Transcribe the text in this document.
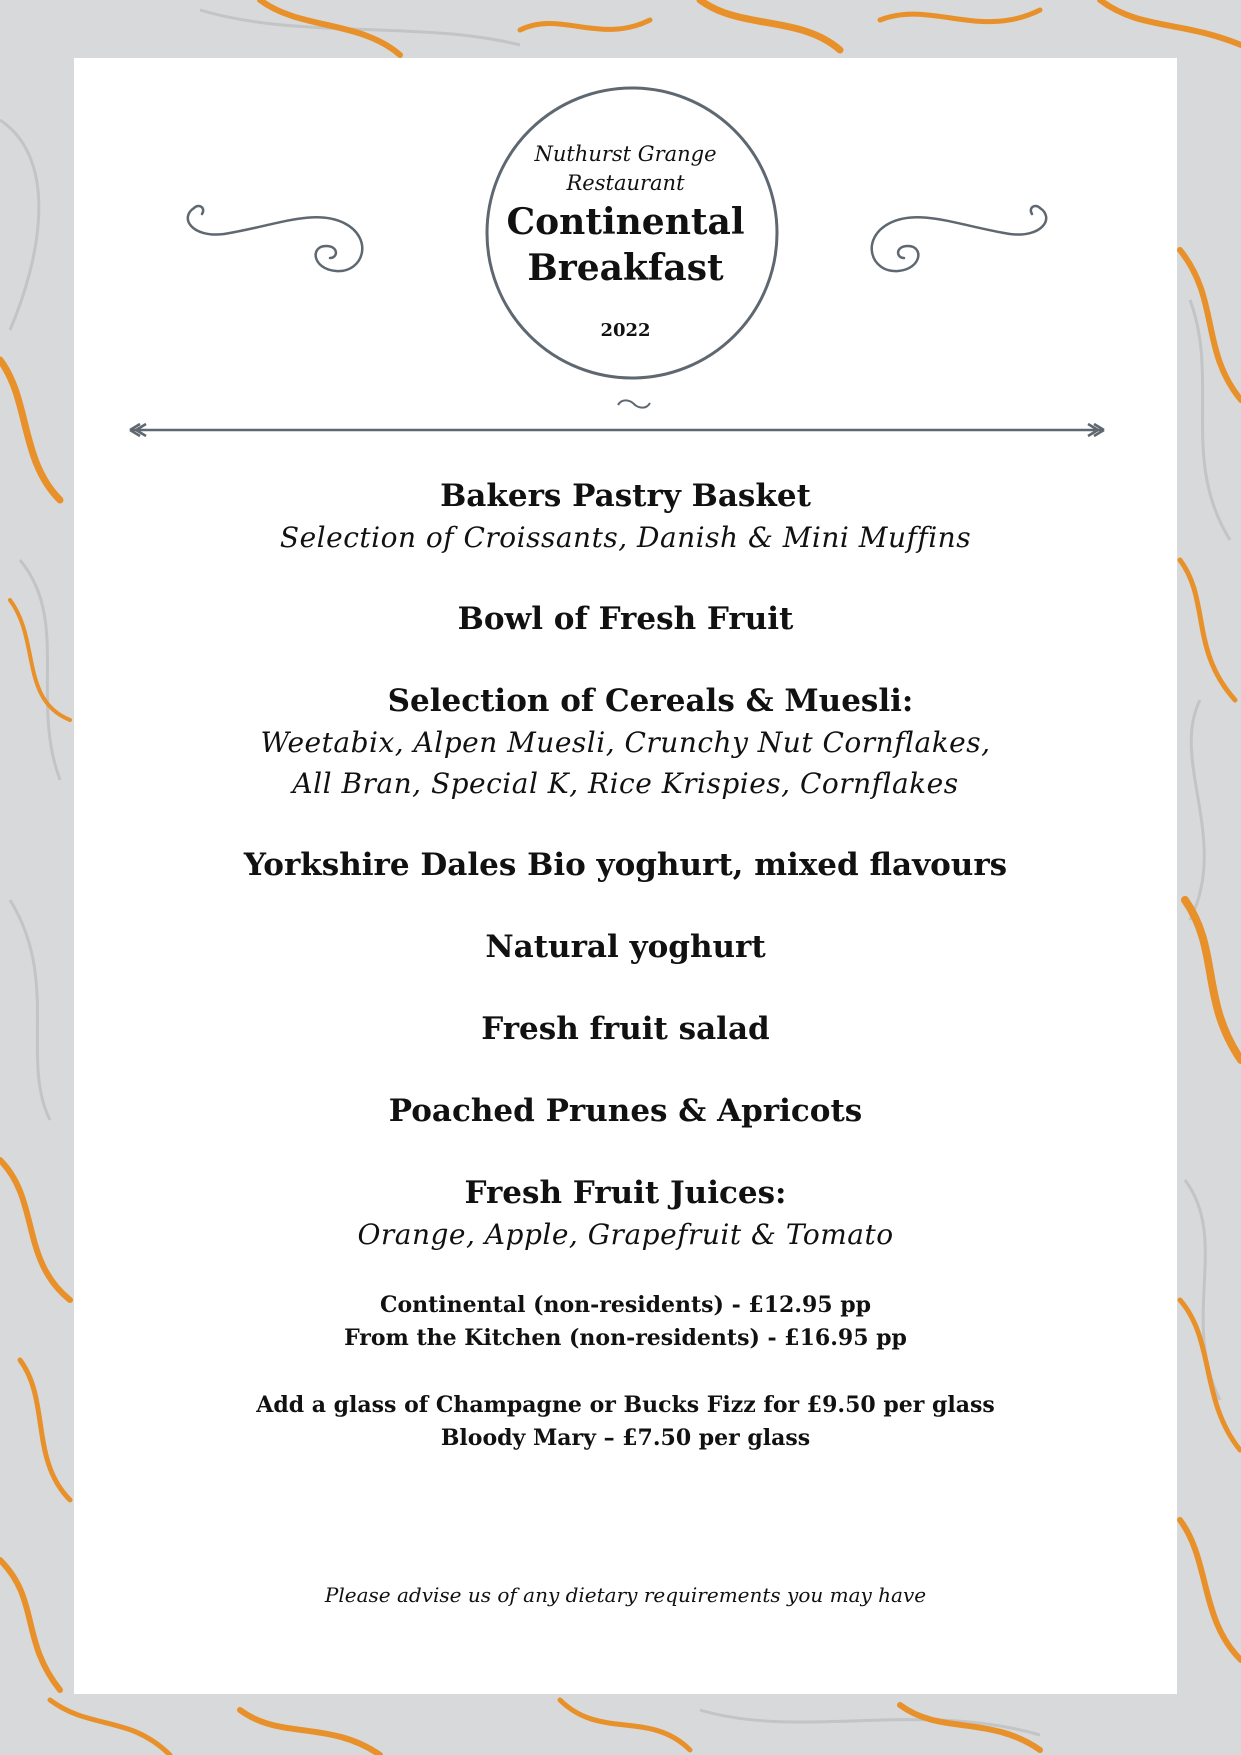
Nuthurst Grange
Restaurant
Continental
Breakfast
2022

Bakers Pastry Basket

Selection of Croissants, Danish & Mini Muffins

Bowl of Fresh Fruit

Selection of Cereals & Muesli:

Weetabix, Alpen Muesli, Crunchy Nut Cornflakes,

All Bran, Special K, Rice Krispies, Cornflakes

Yorkshire Dales Bio yoghurt, mixed flavours

Natural yoghurt

Fresh fruit salad

Poached Prunes & Apricots

Fresh Fruit Juices:

Orange, Apple, Grapefruit & Tomato

Continental (non-residents) - £12.95 pp

From the Kitchen (non-residents) - £16.95 pp

Add a glass of Champagne or Bucks Fizz for £9.50 per glass

Bloody Mary – £7.50 per glass

Please advise us of any dietary requirements you may have
